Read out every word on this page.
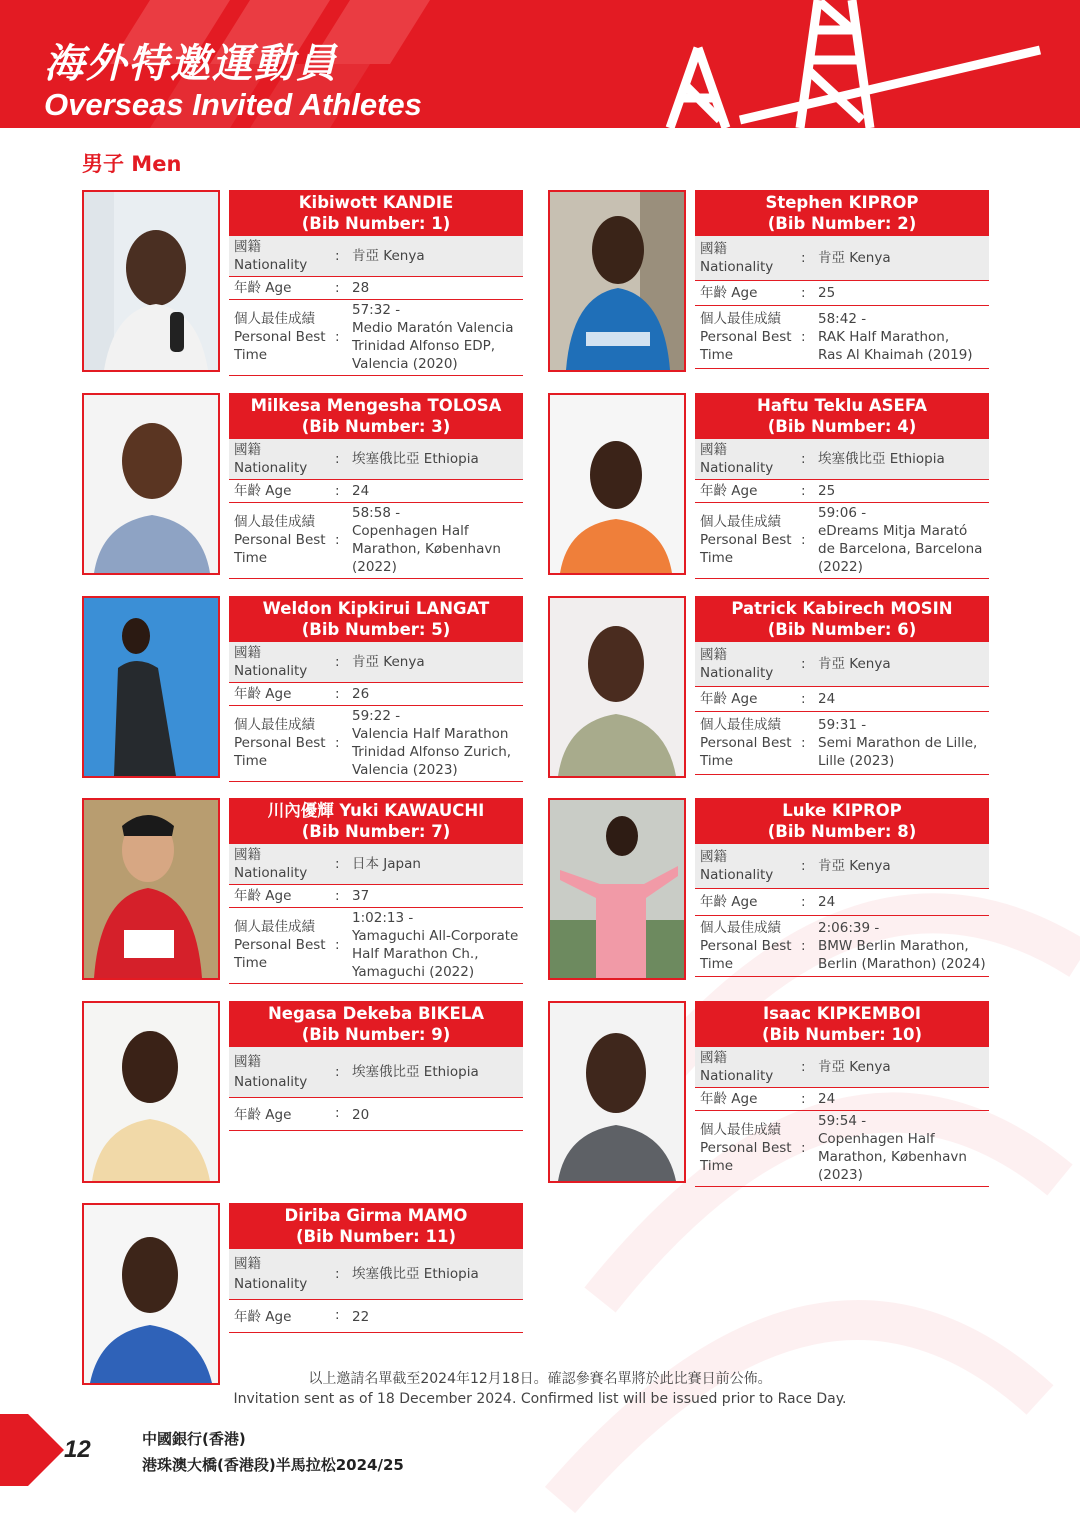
海外特邀運動員
Overseas Invited Athletes
男子 Men
Kibiwott KANDIE
(Bib Number: 1)
國籍
Nationality
: 肯亞 Kenya
年齡 Age	: 28
個人最佳成績
Personal Best
Time
:
57:32 -
Medio Maratón Valencia
Trinidad Alfonso EDP,
Valencia (2020)
Stephen KIPROP
(Bib Number: 2)
國籍
Nationality
: 肯亞 Kenya
年齡 Age	: 25
個人最佳成績
Personal Best
Time
:
58:42 -
RAK Half Marathon,
Ras Al Khaimah (2019)
Milkesa Mengesha TOLOSA
(Bib Number: 3)
國籍
Nationality
: 埃塞俄比亞 Ethiopia
年齡 Age	: 24
個人最佳成績
Personal Best
Time
:
58:58 -
Copenhagen Half
Marathon, København
(2022)
Haftu Teklu ASEFA
(Bib Number: 4)
國籍
Nationality
: 埃塞俄比亞 Ethiopia
年齡 Age	: 25
個人最佳成績
Personal Best
Time
:
59:06 -
eDreams Mitja Marató
de Barcelona, Barcelona
(2022)
Weldon Kipkirui LANGAT
(Bib Number: 5)
國籍
Nationality
: 肯亞 Kenya
年齡 Age	: 26
個人最佳成績
Personal Best
Time
:
59:22 -
Valencia Half Marathon
Trinidad Alfonso Zurich,
Valencia (2023)
Patrick Kabirech MOSIN
(Bib Number: 6)
國籍
Nationality
: 肯亞 Kenya
年齡 Age	: 24
個人最佳成績
Personal Best
Time
:
59:31 -
Semi Marathon de Lille,
Lille (2023)
川內優輝 Yuki KAWAUCHI
(Bib Number: 7)
國籍
Nationality
: 日本 Japan
年齡 Age	: 37
個人最佳成績
Personal Best
Time
:
1:02:13 -
Yamaguchi All-Corporate
Half Marathon Ch.,
Yamaguchi (2022)
Luke KIPROP
(Bib Number: 8)
國籍
Nationality
: 肯亞 Kenya
年齡 Age	: 24
個人最佳成績
Personal Best
Time
:
2:06:39 -
BMW Berlin Marathon,
Berlin (Marathon) (2024)
Negasa Dekeba BIKELA
(Bib Number: 9)
國籍
Nationality
: 埃塞俄比亞 Ethiopia
年齡 Age	: 20
Isaac KIPKEMBOI
(Bib Number: 10)
國籍
Nationality
: 肯亞 Kenya
年齡 Age	: 24
個人最佳成績
Personal Best
Time
:
59:54 -
Copenhagen Half
Marathon, København
(2023)
Diriba Girma MAMO
(Bib Number: 11)
國籍
Nationality
: 埃塞俄比亞 Ethiopia
年齡 Age	: 22
以上邀請名單截至2024年12月18日。確認參賽名單將於此比賽日前公佈。
Invitation sent as of 18 December 2024. Confirmed list will be issued prior to Race Day.
12	中國銀行(香港)
港珠澳大橋(香港段)半馬拉松2024/25
